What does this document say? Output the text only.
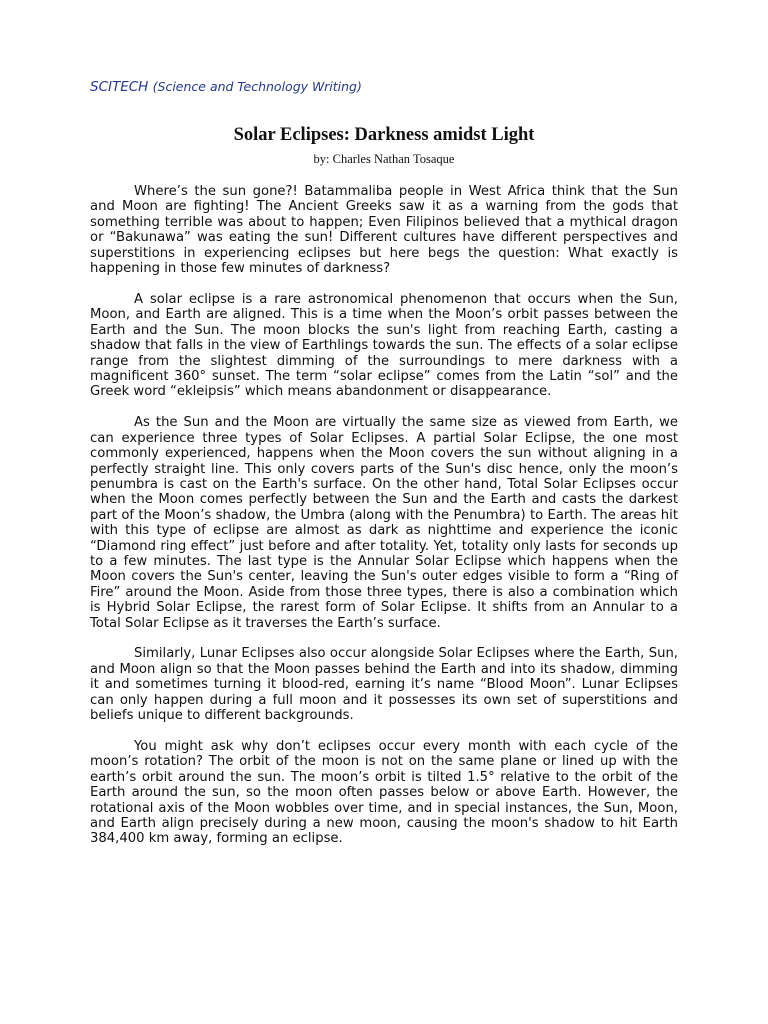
SCITECH (Science and Technology Writing)
Solar Eclipses: Darkness amidst Light
by: Charles Nathan Tosaque

Where’s the sun gone?! Batammaliba people in West Africa think that the Sun and Moon are fighting! The Ancient Greeks saw it as a warning from the gods that something terrible was about to happen; Even Filipinos believed that a mythical dragon or “Bakunawa” was eating the sun! Different cultures have different perspectives and superstitions in experiencing eclipses but here begs the question: What exactly is happening in those few minutes of darkness?

A solar eclipse is a rare astronomical phenomenon that occurs when the Sun, Moon, and Earth are aligned. This is a time when the Moon’s orbit passes between the Earth and the Sun. The moon blocks the sun's light from reaching Earth, casting a shadow that falls in the view of Earthlings towards the sun. The effects of a solar eclipse range from the slightest dimming of the surroundings to mere darkness with a magnificent 360° sunset. The term “solar eclipse” comes from the Latin “sol” and the Greek word “ekleipsis” which means abandonment or disappearance.

As the Sun and the Moon are virtually the same size as viewed from Earth, we can experience three types of Solar Eclipses. A partial Solar Eclipse, the one most commonly experienced, happens when the Moon covers the sun without aligning in a perfectly straight line. This only covers parts of the Sun's disc hence, only the moon’s penumbra is cast on the Earth's surface. On the other hand, Total Solar Eclipses occur when the Moon comes perfectly between the Sun and the Earth and casts the darkest part of the Moon’s shadow, the Umbra (along with the Penumbra) to Earth. The areas hit with this type of eclipse are almost as dark as nighttime and experience the iconic “Diamond ring effect” just before and after totality. Yet, totality only lasts for seconds up to a few minutes. The last type is the Annular Solar Eclipse which happens when the Moon covers the Sun's center, leaving the Sun's outer edges visible to form a “Ring of Fire” around the Moon. Aside from those three types, there is also a combination which is Hybrid Solar Eclipse, the rarest form of Solar Eclipse. It shifts from an Annular to a Total Solar Eclipse as it traverses the Earth’s surface.

Similarly, Lunar Eclipses also occur alongside Solar Eclipses where the Earth, Sun, and Moon align so that the Moon passes behind the Earth and into its shadow, dimming it and sometimes turning it blood-red, earning it’s name “Blood Moon”. Lunar Eclipses can only happen during a full moon and it possesses its own set of superstitions and beliefs unique to different backgrounds.

You might ask why don’t eclipses occur every month with each cycle of the moon’s rotation? The orbit of the moon is not on the same plane or lined up with the earth’s orbit around the sun. The moon’s orbit is tilted 1.5° relative to the orbit of the Earth around the sun, so the moon often passes below or above Earth. However, the rotational axis of the Moon wobbles over time, and in special instances, the Sun, Moon, and Earth align precisely during a new moon, causing the moon's shadow to hit Earth 384,400 km away, forming an eclipse.
